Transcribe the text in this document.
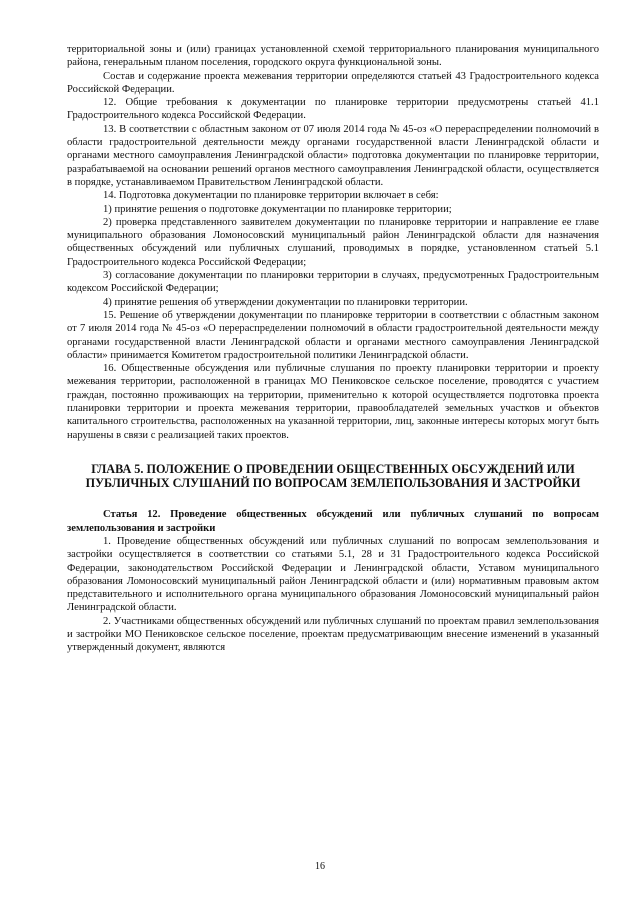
территориальной зоны и (или) границах установленной схемой территориального планирования муниципального района, генеральным планом поселения, городского округа функциональной зоны.

Состав и содержание проекта межевания территории определяются статьей 43 Градостроительного кодекса Российской Федерации.

12. Общие требования к документации по планировке территории предусмотрены статьей 41.1 Градостроительного кодекса Российской Федерации.

13. В соответствии с областным законом от 07 июля 2014 года № 45-оз «О перераспределении полномочий в области градостроительной деятельности между органами государственной власти Ленинградской области и органами местного самоуправления Ленинградской области» подготовка документации по планировке территории, разрабатываемой на основании решений органов местного самоуправления Ленинградской области, осуществляется в порядке, устанавливаемом Правительством Ленинградской области.

14. Подготовка документации по планировке территории включает в себя:

1) принятие решения о подготовке документации по планировке территории;

2) проверка представленного заявителем документации по планировке территории и направление ее главе муниципального образования Ломоносовский муниципальный район Ленинградской области для назначения общественных обсуждений или публичных слушаний, проводимых в порядке, установленном статьей 5.1 Градостроительного кодекса Российской Федерации;

3) согласование документации по планировки территории в случаях, предусмотренных Градостроительным кодексом Российской Федерации;

4) принятие решения об утверждении документации по планировки территории.

15. Решение об утверждении документации по планировке территории в соответствии с областным законом от 7 июля 2014 года № 45-оз «О перераспределении полномочий в области градостроительной деятельности между органами государственной власти Ленинградской области и органами местного самоуправления Ленинградской области» принимается Комитетом градостроительной политики Ленинградской области.

16. Общественные обсуждения или публичные слушания по проекту планировки территории и проекту межевания территории, расположенной в границах МО Пениковское сельское поселение, проводятся с участием граждан, постоянно проживающих на территории, применительно к которой осуществляется подготовка проекта планировки территории и проекта межевания территории, правообладателей земельных участков и объектов капитального строительства, расположенных на указанной территории, лиц, законные интересы которых могут быть нарушены в связи с реализацией таких проектов.

ГЛАВА 5. ПОЛОЖЕНИЕ О ПРОВЕДЕНИИ ОБЩЕСТВЕННЫХ ОБСУЖДЕНИЙ ИЛИ ПУБЛИЧНЫХ СЛУШАНИЙ ПО ВОПРОСАМ ЗЕМЛЕПОЛЬЗОВАНИЯ И ЗАСТРОЙКИ

Статья 12. Проведение общественных обсуждений или публичных слушаний по вопросам землепользования и застройки

1. Проведение общественных обсуждений или публичных слушаний по вопросам землепользования и застройки осуществляется в соответствии со статьями 5.1, 28 и 31 Градостроительного кодекса Российской Федерации, законодательством Российской Федерации и Ленинградской области, Уставом муниципального образования Ломоносовский муниципальный район Ленинградской области и (или) нормативным правовым актом представительного и исполнительного органа муниципального образования Ломоносовский муниципальный район Ленинградской области.

2. Участниками общественных обсуждений или публичных слушаний по проектам правил землепользования и застройки МО Пениковское сельское поселение, проектам предусматривающим внесение изменений в указанный утвержденный документ, являются

16
